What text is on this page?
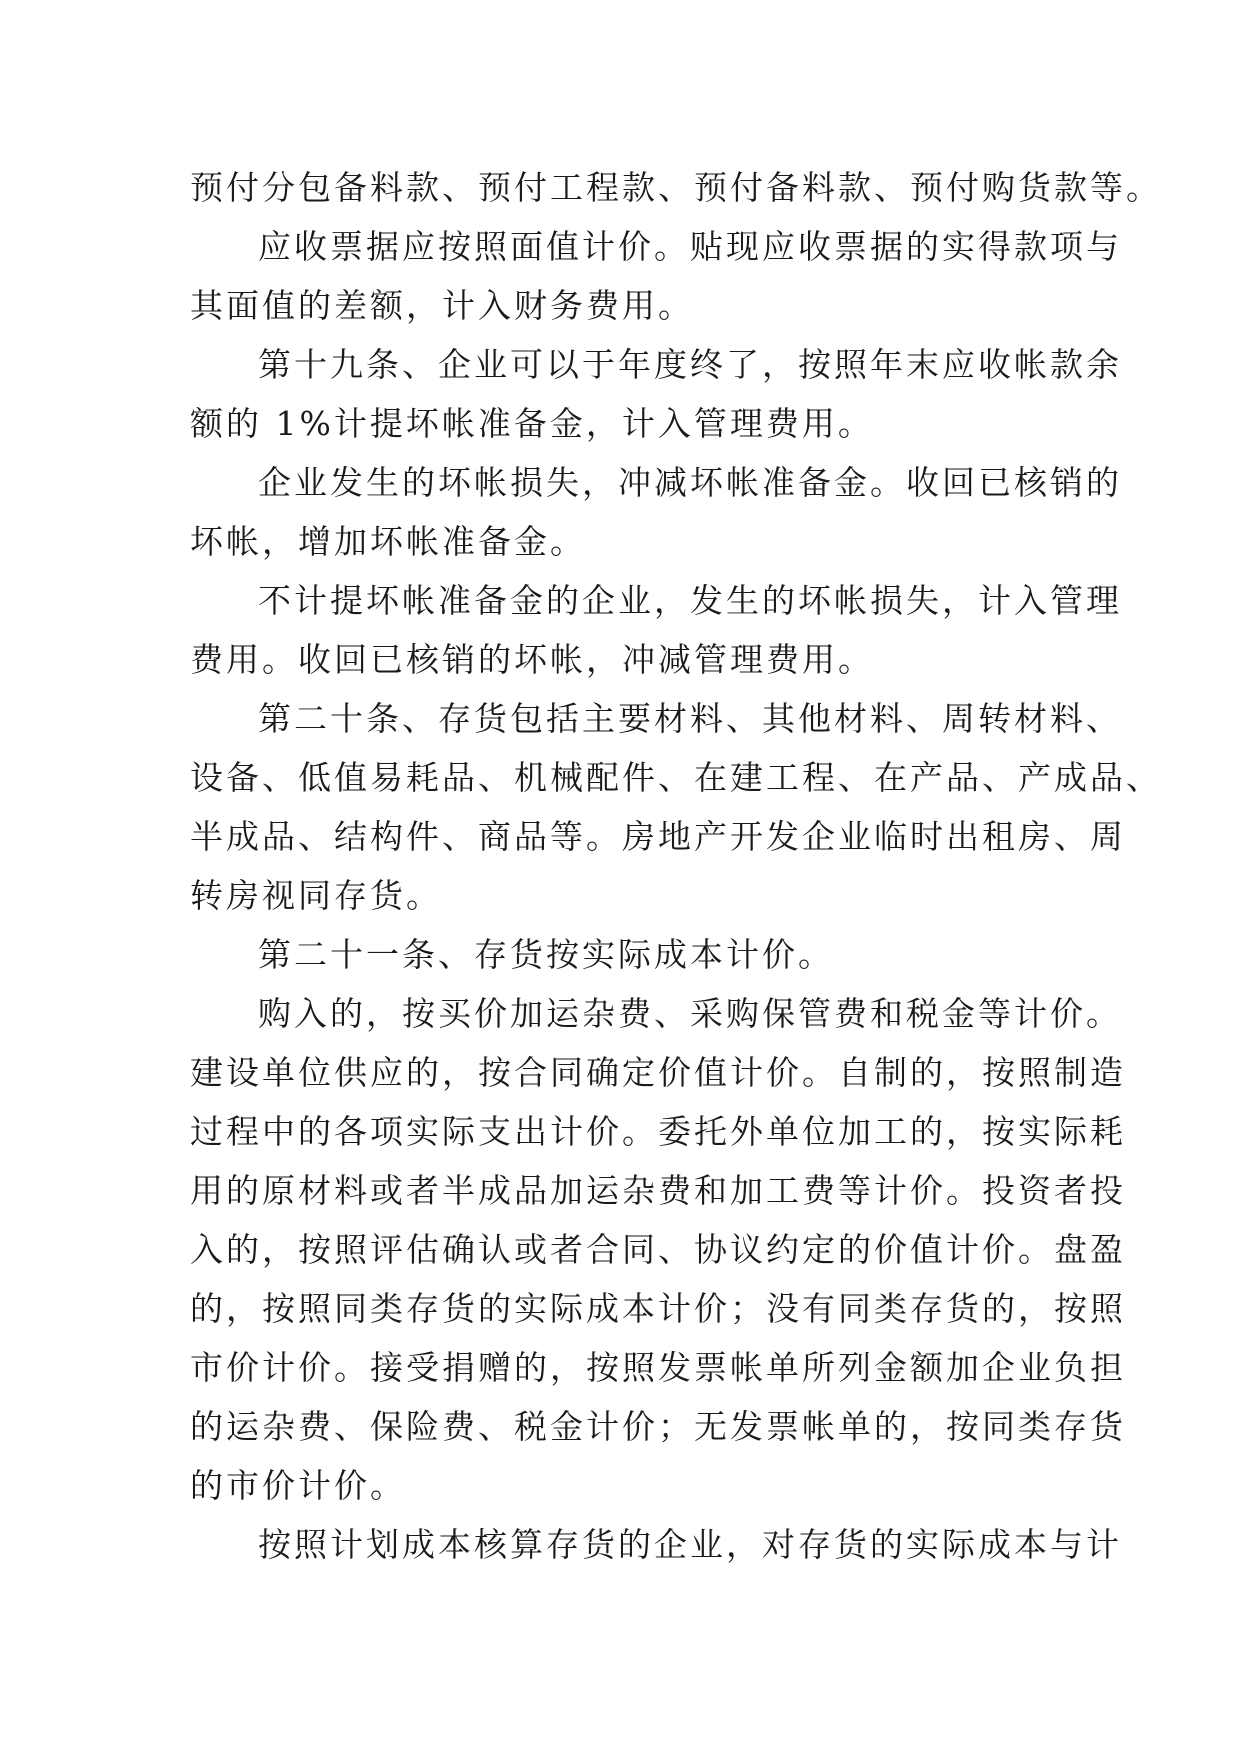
预付分包备料款、预付工程款、预付备料款、预付购货款等。
应收票据应按照面值计价。贴现应收票据的实得款项与
其面值的差额，计入财务费用。
第十九条、企业可以于年度终了，按照年末应收帐款余
额的 1%计提坏帐准备金，计入管理费用。
企业发生的坏帐损失，冲减坏帐准备金。收回已核销的
坏帐，增加坏帐准备金。
不计提坏帐准备金的企业，发生的坏帐损失，计入管理
费用。收回已核销的坏帐，冲减管理费用。
第二十条、存货包括主要材料、其他材料、周转材料、
设备、低值易耗品、机械配件、在建工程、在产品、产成品、
半成品、结构件、商品等。房地产开发企业临时出租房、周
转房视同存货。
第二十一条、存货按实际成本计价。
购入的，按买价加运杂费、采购保管费和税金等计价。
建设单位供应的，按合同确定价值计价。自制的，按照制造
过程中的各项实际支出计价。委托外单位加工的，按实际耗
用的原材料或者半成品加运杂费和加工费等计价。投资者投
入的，按照评估确认或者合同、协议约定的价值计价。盘盈
的，按照同类存货的实际成本计价；没有同类存货的，按照
市价计价。接受捐赠的，按照发票帐单所列金额加企业负担
的运杂费、保险费、税金计价；无发票帐单的，按同类存货
的市价计价。
按照计划成本核算存货的企业，对存货的实际成本与计
